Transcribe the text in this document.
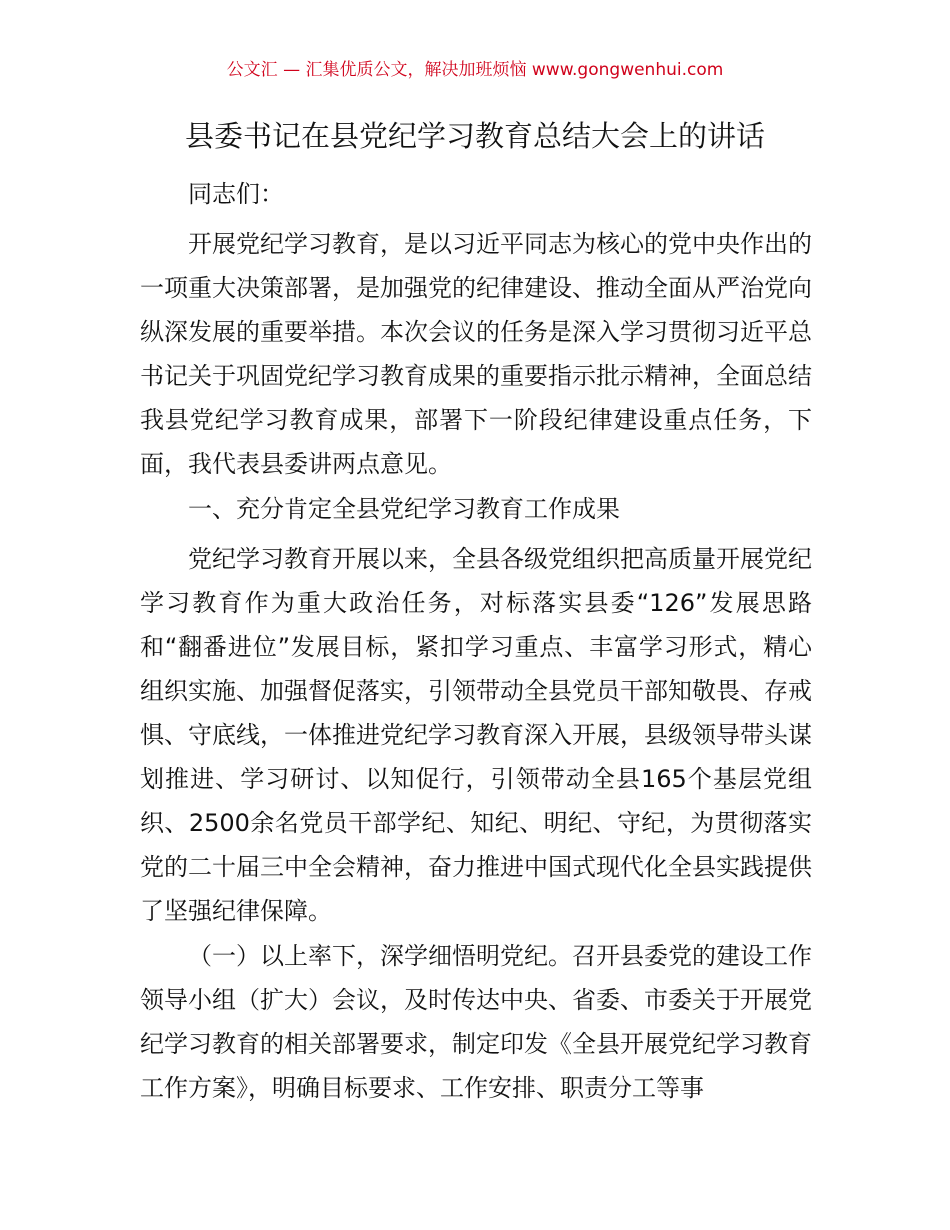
公文汇 — 汇集优质公文，解决加班烦恼 www.gongwenhui.com
县委书记在县党纪学习教育总结大会上的讲话

同志们：

开展党纪学习教育，是以习近平同志为核心的党中央作出的一项重大决策部署，是加强党的纪律建设、推动全面从严治党向纵深发展的重要举措。本次会议的任务是深入学习贯彻习近平总书记关于巩固党纪学习教育成果的重要指示批示精神，全面总结我县党纪学习教育成果，部署下一阶段纪律建设重点任务，下面，我代表县委讲两点意见。

一、充分肯定全县党纪学习教育工作成果

党纪学习教育开展以来，全县各级党组织把高质量开展党纪学习教育作为重大政治任务，对标落实县委“126”发展思路和“翻番进位”发展目标，紧扣学习重点、丰富学习形式，精心组织实施、加强督促落实，引领带动全县党员干部知敬畏、存戒惧、守底线，一体推进党纪学习教育深入开展，县级领导带头谋划推进、学习研讨、以知促行，引领带动全县165个基层党组织、2500余名党员干部学纪、知纪、明纪、守纪，为贯彻落实党的二十届三中全会精神，奋力推进中国式现代化全县实践提供了坚强纪律保障。

（一）以上率下，深学细悟明党纪。召开县委党的建设工作领导小组（扩大）会议，及时传达中央、省委、市委关于开展党纪学习教育的相关部署要求，制定印发《全县开展党纪学习教育工作方案》，明确目标要求、工作安排、职责分工等事
